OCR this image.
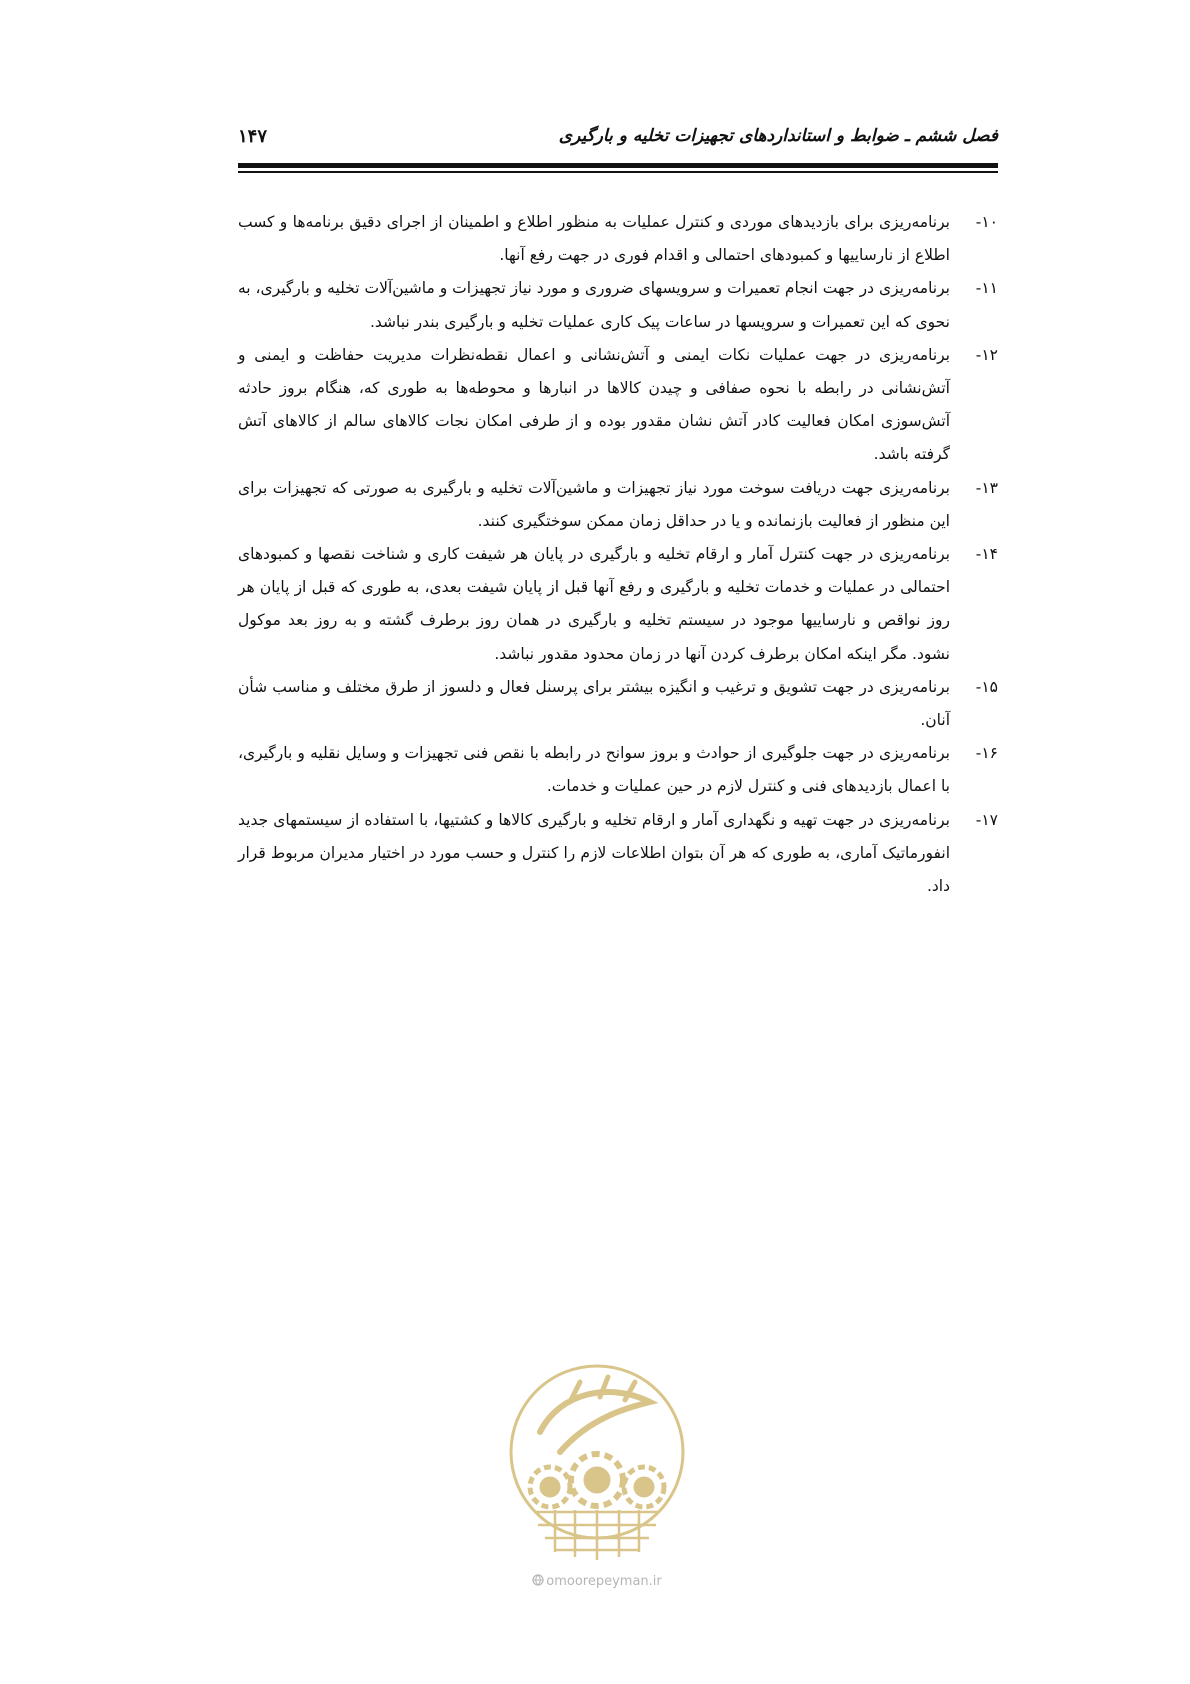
فصل ششم ـ ضوابط و استانداردهای تجهیزات تخلیه و بارگیری
۱۴۷

۱۰-
برنامه‌ریزی برای بازدیدهای موردی و کنترل عملیات به منظور اطلاع و اطمینان از اجرای دقیق برنامه‌ها و کسب اطلاع از نارساییها و کمبودهای احتمالی و اقدام فوری در جهت رفع آنها.

۱۱-
برنامه‌ریزی در جهت انجام تعمیرات و سرویسهای ضروری و مورد نیاز تجهیزات و ماشین‌آلات تخلیه و بارگیری، به نحوی که این تعمیرات و سرویسها در ساعات پیک کاری عملیات تخلیه و بارگیری بندر نباشد.

۱۲-
برنامه‌ریزی در جهت عملیات نکات ایمنی و آتش‌نشانی و اعمال نقطه‌نظرات مدیریت حفاظت و ایمنی و آتش‌نشانی در رابطه با نحوه صفافی و چیدن کالاها در انبارها و محوطه‌ها به طوری که، هنگام بروز حادثه آتش‌سوزی امکان فعالیت کادر آتش نشان مقدور بوده و از طرفی امکان نجات کالاهای سالم از کالاهای آتش گرفته باشد.

۱۳-
برنامه‌ریزی جهت دریافت سوخت مورد نیاز تجهیزات و ماشین‌آلات تخلیه و بارگیری به صورتی که تجهیزات برای این منظور از فعالیت بازنمانده و یا در حداقل زمان ممکن سوختگیری کنند.

۱۴-
برنامه‌ریزی در جهت کنترل آمار و ارقام تخلیه و بارگیری در پایان هر شیفت کاری و شناخت نقصها و کمبودهای احتمالی در عملیات و خدمات تخلیه و بارگیری و رفع آنها قبل از پایان شیفت بعدی، به طوری که قبل از پایان هر روز نواقص و نارساییها موجود در سیستم تخلیه و بارگیری در همان روز برطرف گشته و به روز بعد موکول نشود. مگر اینکه امکان برطرف کردن آنها در زمان محدود مقدور نباشد.

۱۵-
برنامه‌ریزی در جهت تشویق و ترغیب و انگیزه بیشتر برای پرسنل فعال و دلسوز از طرق مختلف و مناسب شأن آنان.

۱۶-
برنامه‌ریزی در جهت جلوگیری از حوادث و بروز سوانح در رابطه با نقص فنی تجهیزات و وسایل نقلیه و بارگیری، با اعمال بازدیدهای فنی و کنترل لازم در حین عملیات و خدمات.

۱۷-
برنامه‌ریزی در جهت تهیه و نگهداری آمار و ارقام تخلیه و بارگیری کالاها و کشتیها، با استفاده از سیستمهای جدید انفورماتیک آماری، به طوری که هر آن بتوان اطلاعات لازم را کنترل و حسب مورد در اختیار مدیران مربوط قرار داد.

omoorepeyman.ir
